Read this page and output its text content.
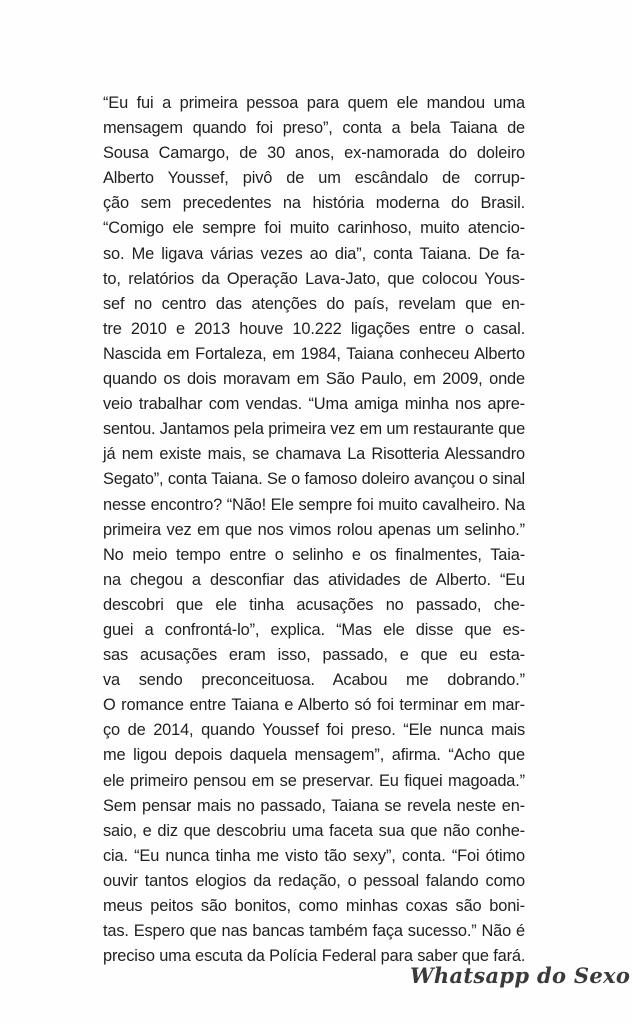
“Eu fui a primeira pessoa para quem ele mandou uma
mensagem quando foi preso”, conta a bela Taiana de
Sousa Camargo, de 30 anos, ex-namorada do doleiro
Alberto Youssef, pivô de um escândalo de corrup-
ção sem precedentes na história moderna do Brasil.
“Comigo ele sempre foi muito carinhoso, muito atencio-
so. Me ligava várias vezes ao dia”, conta Taiana. De fa-
to, relatórios da Operação Lava-Jato, que colocou Yous-
sef no centro das atenções do país, revelam que en-
tre 2010 e 2013 houve 10.222 ligações entre o casal.
Nascida em Fortaleza, em 1984, Taiana conheceu Alberto
quando os dois moravam em São Paulo, em 2009, onde
veio trabalhar com vendas. “Uma amiga minha nos apre-
sentou. Jantamos pela primeira vez em um restaurante que
já nem existe mais, se chamava La Risotteria Alessandro
Segato”, conta Taiana. Se o famoso doleiro avançou o sinal
nesse encontro? “Não! Ele sempre foi muito cavalheiro. Na
primeira vez em que nos vimos rolou apenas um selinho.”
No meio tempo entre o selinho e os finalmentes, Taia-
na chegou a desconfiar das atividades de Alberto. “Eu
descobri que ele tinha acusações no passado, che-
guei a confrontá-lo”, explica. “Mas ele disse que es-
sas acusações eram isso, passado, e que eu esta-
va sendo preconceituosa. Acabou me dobrando.”
O romance entre Taiana e Alberto só foi terminar em mar-
ço de 2014, quando Youssef foi preso. “Ele nunca mais
me ligou depois daquela mensagem”, afirma. “Acho que
ele primeiro pensou em se preservar. Eu fiquei magoada.”
Sem pensar mais no passado, Taiana se revela neste en-
saio, e diz que descobriu uma faceta sua que não conhe-
cia. “Eu nunca tinha me visto tão sexy”, conta. “Foi ótimo
ouvir tantos elogios da redação, o pessoal falando como
meus peitos são bonitos, como minhas coxas são boni-
tas. Espero que nas bancas também faça sucesso.” Não é
preciso uma escuta da Polícia Federal para saber que fará.
Whatsapp do Sexo
